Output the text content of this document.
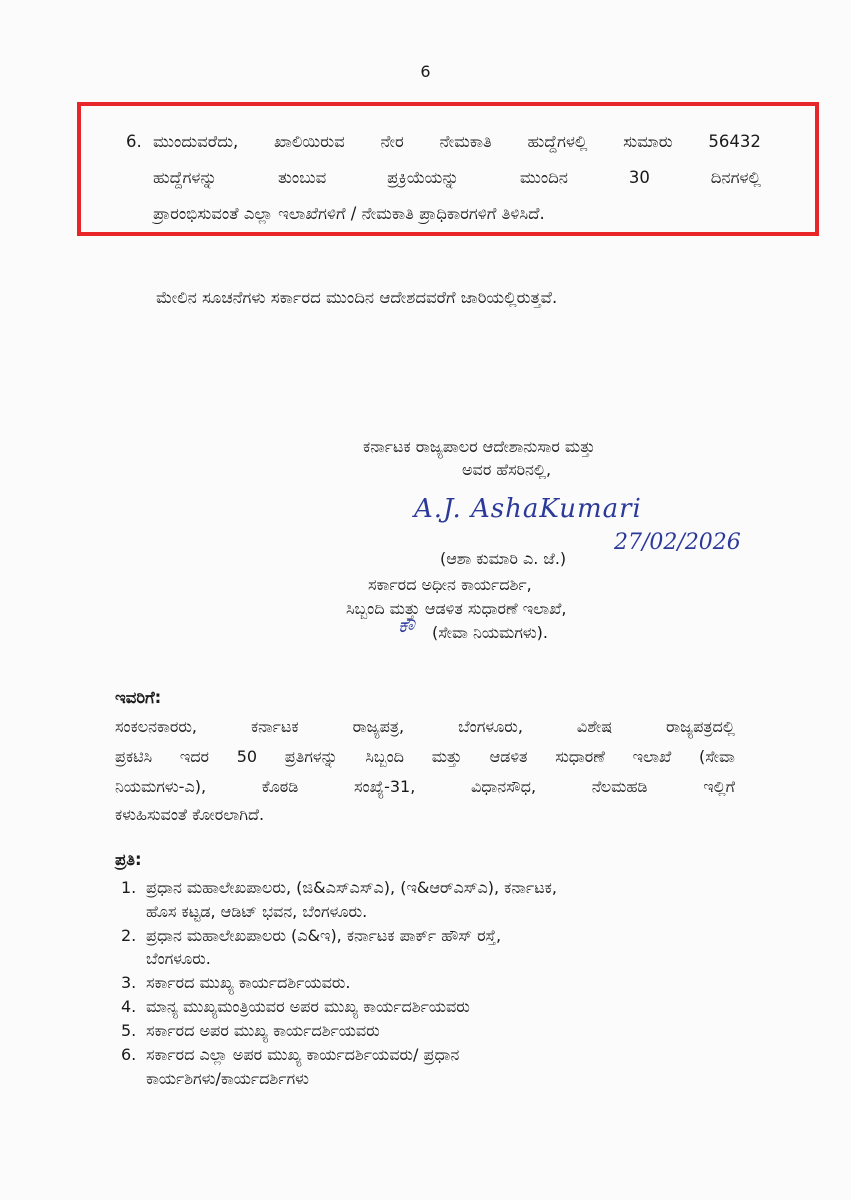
6
6. ಮುಂದುವರೆದು, ಖಾಲಿಯಿರುವ ನೇರ ನೇಮಕಾತಿ ಹುದ್ದೆಗಳಲ್ಲಿ ಸುಮಾರು 56432
ಹುದ್ದೆಗಳನ್ನು	ತುಂಬುವ	ಪ್ರಕ್ರಿಯೆಯನ್ನು	ಮುಂದಿನ	30	ದಿನಗಳಲ್ಲಿ
ಪ್ರಾರಂಭಿಸುವಂತೆ ಎಲ್ಲಾ ಇಲಾಖೆಗಳಿಗೆ / ನೇಮಕಾತಿ ಪ್ರಾಧಿಕಾರಗಳಿಗೆ ತಿಳಿಸಿದೆ.
ಮೇಲಿನ ಸೂಚನೆಗಳು ಸರ್ಕಾರದ ಮುಂದಿನ ಆದೇಶದವರೆಗೆ ಜಾರಿಯಲ್ಲಿರುತ್ತವೆ.
ಕರ್ನಾಟಕ ರಾಜ್ಯಪಾಲರ ಆದೇಶಾನುಸಾರ ಮತ್ತು
ಅವರ ಹೆಸರಿನಲ್ಲಿ,
A.J. AshaKumari
27/02/2026
(ಆಶಾ ಕುಮಾರಿ ಎ. ಜೆ.)
ಸರ್ಕಾರದ ಅಧೀನ ಕಾರ್ಯದರ್ಶಿ,
ಸಿಬ್ಬಂದಿ ಮತ್ತು ಆಡಳಿತ ಸುಧಾರಣೆ ಇಲಾಖೆ,
ಕೌ (ಸೇವಾ ನಿಯಮಗಳು).
ಇವರಿಗೆ:
ಸಂಕಲನಕಾರರು,	ಕರ್ನಾಟಕ	ರಾಜ್ಯಪತ್ರ,	ಬೆಂಗಳೂರು,	ವಿಶೇಷ	ರಾಜ್ಯಪತ್ರದಲ್ಲಿ
ಪ್ರಕಟಿಸಿ ಇದರ 50 ಪ್ರತಿಗಳನ್ನು ಸಿಬ್ಬಂದಿ ಮತ್ತು ಆಡಳಿತ ಸುಧಾರಣೆ ಇಲಾಖೆ (ಸೇವಾ
ನಿಯಮಗಳು-ಎ),	ಕೊಠಡಿ	ಸಂಖ್ಯೆ-31,	ವಿಧಾನಸೌಧ,	ನೆಲಮಹಡಿ	ಇಲ್ಲಿಗೆ
ಕಳುಹಿಸುವಂತೆ ಕೋರಲಾಗಿದೆ.
ಪ್ರತಿ:
1. ಪ್ರಧಾನ ಮಹಾಲೇಖಪಾಲರು, (ಜಿ&ಎಸ್‌ಎಸ್‌ಎ), (ಇ&ಆರ್‌ಎಸ್‌ಎ), ಕರ್ನಾಟಕ,
ಹೊಸ ಕಟ್ಟಡ, ಆಡಿಟ್ ಭವನ, ಬೆಂಗಳೂರು.
2. ಪ್ರಧಾನ ಮಹಾಲೇಖಪಾಲರು (ಎ&ಇ), ಕರ್ನಾಟಕ ಪಾರ್ಕ್ ಹೌಸ್ ರಸ್ತೆ,
ಬೆಂಗಳೂರು.
3. ಸರ್ಕಾರದ ಮುಖ್ಯ ಕಾರ್ಯದರ್ಶಿಯವರು.
4. ಮಾನ್ಯ ಮುಖ್ಯಮಂತ್ರಿಯವರ ಅಪರ ಮುಖ್ಯ ಕಾರ್ಯದರ್ಶಿಯವರು
5. ಸರ್ಕಾರದ ಅಪರ ಮುಖ್ಯ ಕಾರ್ಯದರ್ಶಿಯವರು
6. ಸರ್ಕಾರದ ಎಲ್ಲಾ ಅಪರ ಮುಖ್ಯ ಕಾರ್ಯದರ್ಶಿಯವರು/ ಪ್ರಧಾನ
ಕಾರ್ಯಶಿಗಳು/ಕಾರ್ಯದರ್ಶಿಗಳು
